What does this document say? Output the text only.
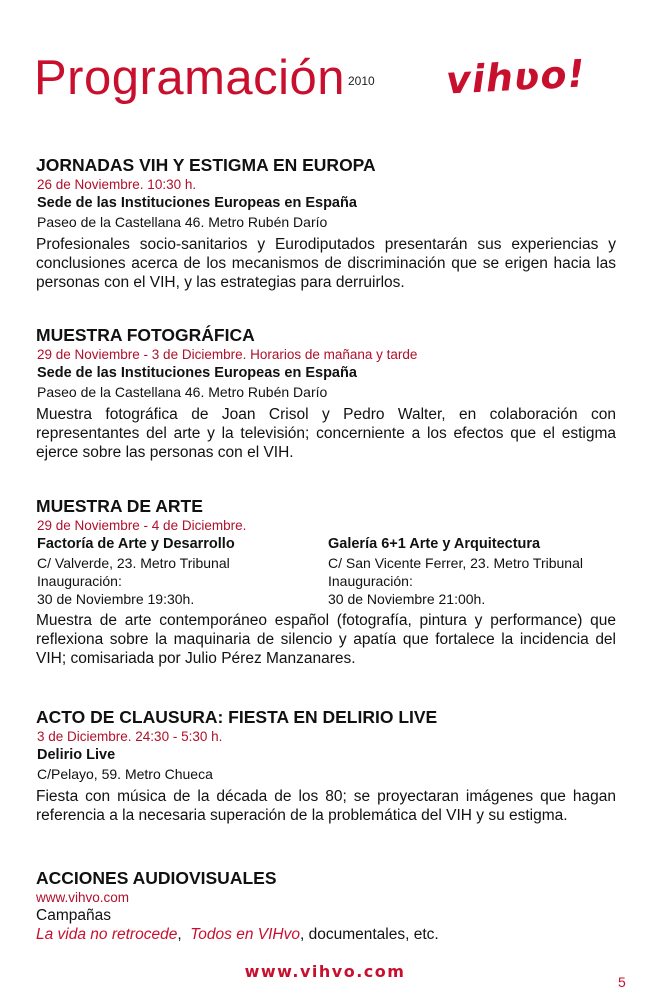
Programación 2010 vihʋo!
JORNADAS VIH Y ESTIGMA EN EUROPA
26 de Noviembre. 10:30 h.
Sede de las Instituciones Europeas en España
Paseo de la Castellana 46. Metro Rubén Darío
Profesionales socio-sanitarios y Eurodiputados presentarán sus experiencias y conclusiones acerca de los mecanismos de discriminación que se erigen hacia las personas con el VIH, y las estrategias para derruirlos.
MUESTRA FOTOGRÁFICA
29 de Noviembre - 3 de Diciembre. Horarios de mañana y tarde
Sede de las Instituciones Europeas en España
Paseo de la Castellana 46. Metro Rubén Darío
Muestra fotográfica de Joan Crisol y Pedro Walter, en colaboración con representantes del arte y la televisión; concerniente a los efectos que el estigma ejerce sobre las personas con el VIH.
MUESTRA DE ARTE
29 de Noviembre - 4 de Diciembre.
Factoría de Arte y Desarrollo
C/ Valverde, 23. Metro Tribunal
Inauguración:
30 de Noviembre 19:30h.
Galería 6+1 Arte y Arquitectura
C/ San Vicente Ferrer, 23. Metro Tribunal
Inauguración:
30 de Noviembre 21:00h.
Muestra de arte contemporáneo español (fotografía, pintura y performance) que reflexiona sobre la maquinaria de silencio y apatía que fortalece la incidencia del VIH; comisariada por Julio Pérez Manzanares.
ACTO DE CLAUSURA: FIESTA EN DELIRIO LIVE
3 de Diciembre. 24:30 - 5:30 h.
Delirio Live
C/Pelayo, 59. Metro Chueca
Fiesta con música de la década de los 80; se proyectaran imágenes que hagan referencia a la necesaria superación de la problemática del VIH y su estigma.
ACCIONES AUDIOVISUALES
www.vihvo.com
Campañas
La vida no retrocede,  Todos en VIHvo, documentales, etc.
www.vihvo.com
5
